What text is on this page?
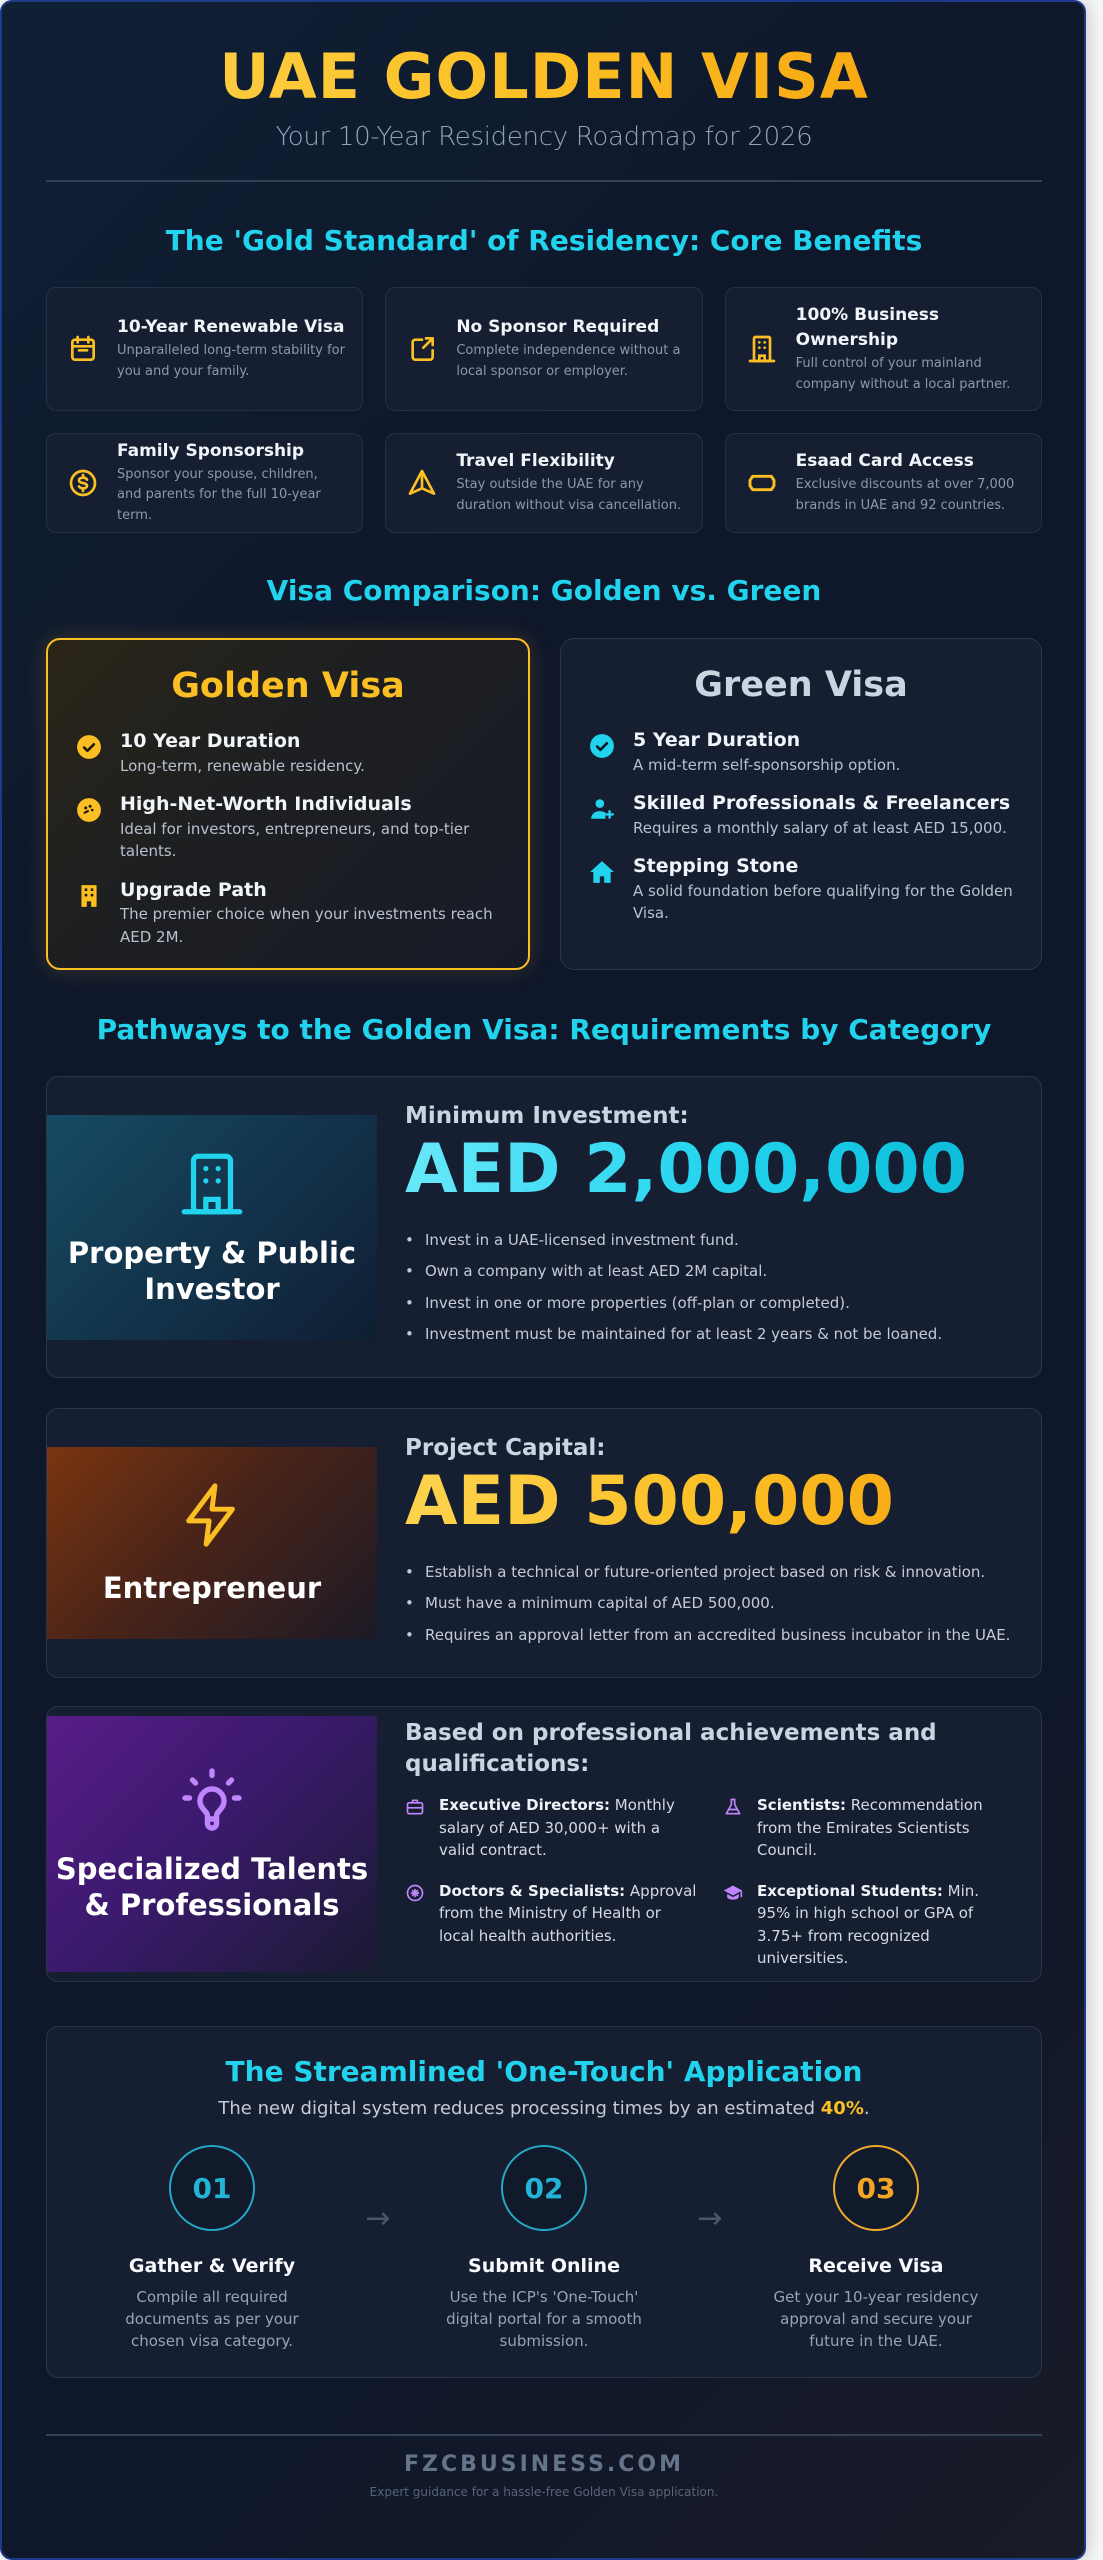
UAE GOLDEN VISA
Your 10-Year Residency Roadmap for 2026
The 'Gold Standard' of Residency: Core Benefits
10-Year Renewable Visa
Unparalleled long-term stability for you and your family.
No Sponsor Required
Complete independence without a local sponsor or employer.
100% Business Ownership
Full control of your mainland company without a local partner.
Family Sponsorship
Sponsor your spouse, children, and parents for the full 10-year term.
Travel Flexibility
Stay outside the UAE for any duration without visa cancellation.
Esaad Card Access
Exclusive discounts at over 7,000 brands in UAE and 92 countries.
Visa Comparison: Golden vs. Green
Golden Visa
10 Year Duration
Long-term, renewable residency.
High-Net-Worth Individuals
Ideal for investors, entrepreneurs, and top-tier talents.
Upgrade Path
The premier choice when your investments reach AED 2M.
Green Visa
5 Year Duration
A mid-term self-sponsorship option.
Skilled Professionals & Freelancers
Requires a monthly salary of at least AED 15,000.
Stepping Stone
A solid foundation before qualifying for the Golden Visa.
Pathways to the Golden Visa: Requirements by Category
Property & Public Investor
Minimum Investment:
AED 2,000,000
• Invest in a UAE-licensed investment fund.
• Own a company with at least AED 2M capital.
• Invest in one or more properties (off-plan or completed).
• Investment must be maintained for at least 2 years & not be loaned.
Entrepreneur
Project Capital:
AED 500,000
• Establish a technical or future-oriented project based on risk & innovation.
• Must have a minimum capital of AED 500,000.
• Requires an approval letter from an accredited business incubator in the UAE.
Specialized Talents & Professionals
Based on professional achievements and qualifications:
Executive Directors: Monthly salary of AED 30,000+ with a valid contract.
Scientists: Recommendation from the Emirates Scientists Council.
Doctors & Specialists: Approval from the Ministry of Health or local health authorities.
Exceptional Students: Min. 95% in high school or GPA of 3.75+ from recognized universities.
The Streamlined 'One-Touch' Application
The new digital system reduces processing times by an estimated 40%.
01
Gather & Verify
Compile all required documents as per your chosen visa category.
→
02
Submit Online
Use the ICP's 'One-Touch' digital portal for a smooth submission.
→
03
Receive Visa
Get your 10-year residency approval and secure your future in the UAE.
FZCBUSINESS.COM
Expert guidance for a hassle-free Golden Visa application.
